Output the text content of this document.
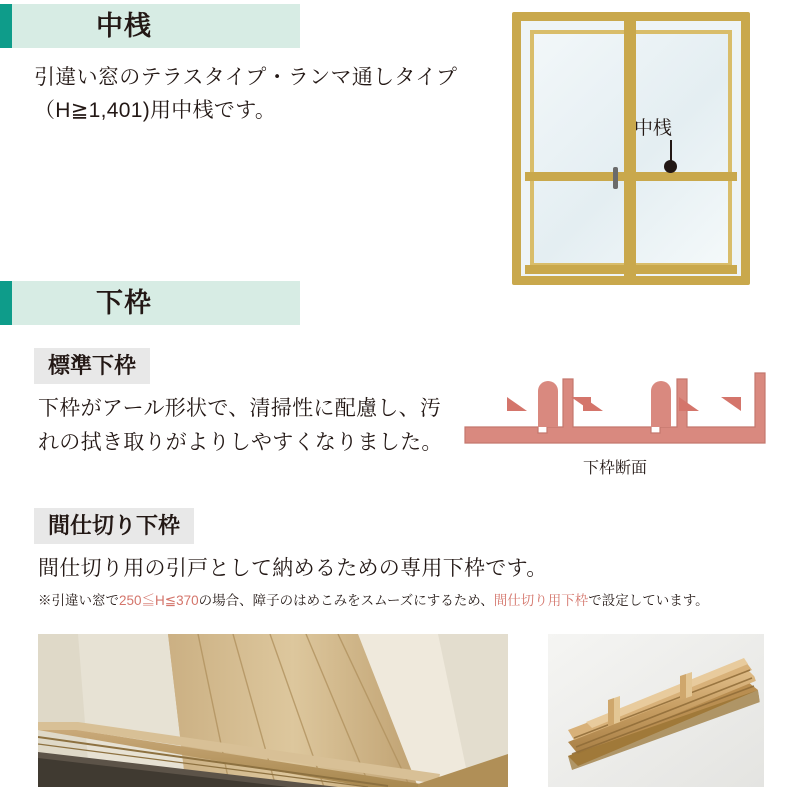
中桟
引違い窓のテラスタイプ・ランマ通しタイプ（H≧1,401)用中桟です。
中桟
下枠
標準下枠
下枠がアール形状で、清掃性に配慮し、汚れの拭き取りがよりしやすくなりました。
下枠断面
間仕切り下枠
間仕切り用の引戸として納めるための専用下枠です。
※引違い窓で250≦H≦370の場合、障子のはめこみをスムーズにするため、間仕切り用下枠で設定しています。
